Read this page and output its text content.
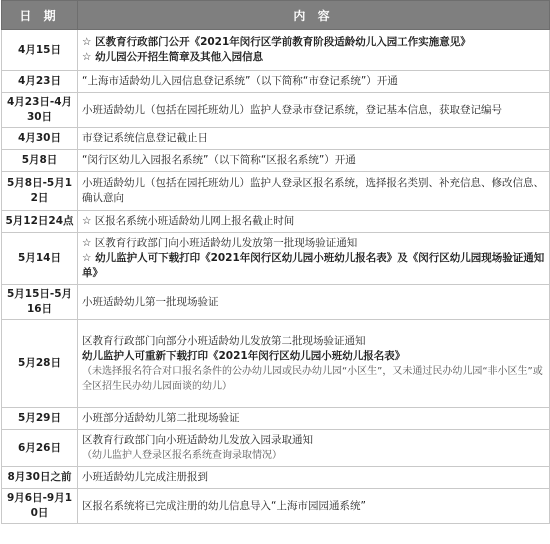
日 期	内 容
4月15日	☆ 区教育行政部门公开《2021年闵行区学前教育阶段适龄幼儿入园工作实施意见》
☆ 幼儿园公开招生简章及其他入园信息

4月23日	“上海市适龄幼儿入园信息登记系统”（以下简称“市登记系统”）开通

4月23日-4月30日	小班适龄幼儿（包括在园托班幼儿）监护人登录市登记系统，登记基本信息，获取登记编号

4月30日	市登记系统信息登记截止日

5月8日	“闵行区幼儿入园报名系统”（以下简称“区报名系统”）开通

5月8日-5月12日	小班适龄幼儿（包括在园托班幼儿）监护人登录区报名系统，选择报名类别、补充信息、修改信息、确认意向

5月12日24点	☆ 区报名系统小班适龄幼儿网上报名截止时间

5月14日	☆ 区教育行政部门向小班适龄幼儿发放第一批现场验证通知
☆ 幼儿监护人可下载打印《2021年闵行区幼儿园小班幼儿报名表》及《闵行区幼儿园现场验证通知单》

5月15日-5月16日	小班适龄幼儿第一批现场验证

5月28日	区教育行政部门向部分小班适龄幼儿发放第二批现场验证通知
幼儿监护人可重新下载打印《2021年闵行区幼儿园小班幼儿报名表》
（未选择报名符合对口报名条件的公办幼儿园或民办幼儿园“小区生”，又未通过民办幼儿园“非小区生”或全区招生民办幼儿园面谈的幼儿）

5月29日	小班部分适龄幼儿第二批现场验证

6月26日	区教育行政部门向小班适龄幼儿发放入园录取通知
（幼儿监护人登录区报名系统查询录取情况）

8月30日之前	小班适龄幼儿完成注册报到

9月6日-9月10日	区报名系统将已完成注册的幼儿信息导入“上海市园园通系统”
